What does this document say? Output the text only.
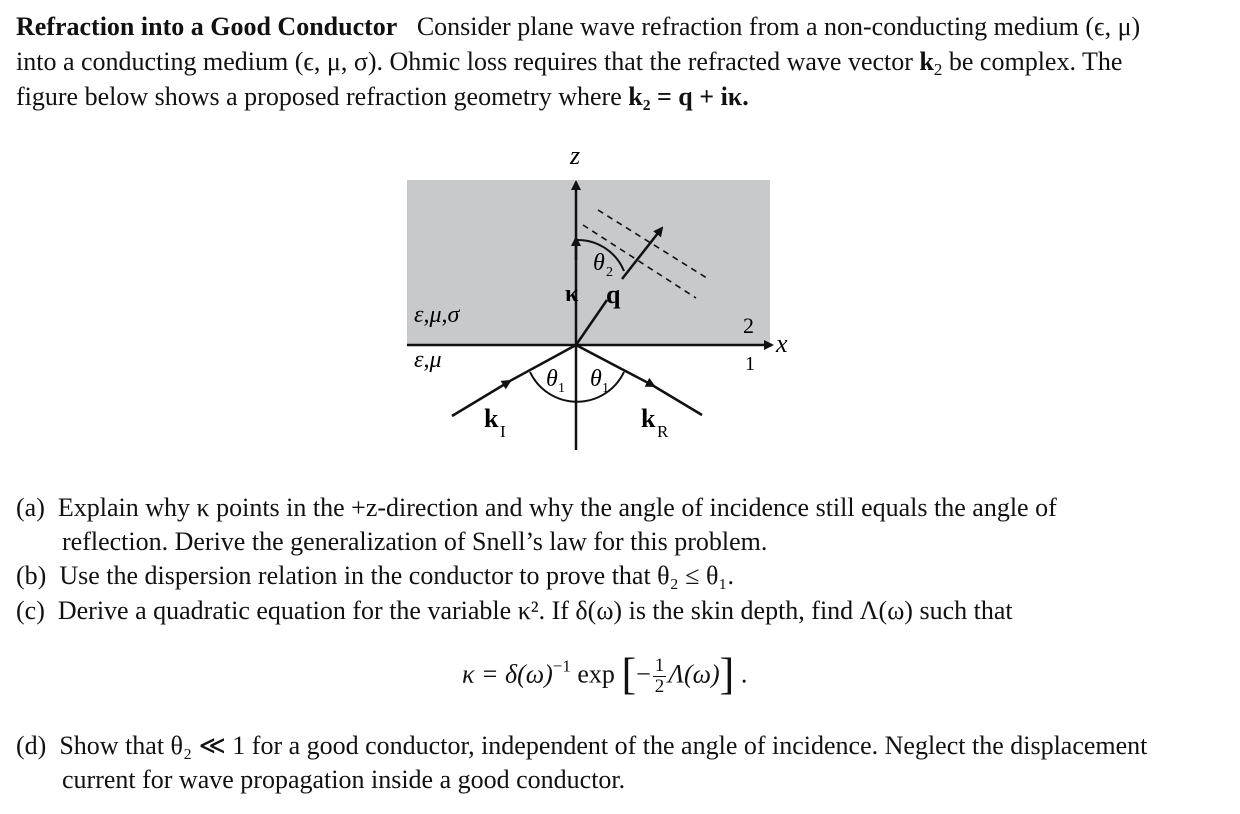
Refraction into a Good Conductor Consider plane wave refraction from a non-conducting medium (ϵ, μ)
into a conducting medium (ϵ, μ, σ). Ohmic loss requires that the refracted wave vector $k_2$ be complex. The
figure below shows a proposed refraction geometry where k₂ = q + iκ.
z
x
ε,μ,σ
ε,μ
2
1
θ 2
κ q
θ 1 θ 1
k I	k R
(a) Explain why κ points in the +z-direction and why the angle of incidence still equals the angle of
reflection. Derive the generalization of Snell’s law for this problem.
(b) Use the dispersion relation in the conductor to prove that θ₂ ≤ θ₁.
(c) Derive a quadratic equation for the variable κ². If δ(ω) is the skin depth, find Λ(ω) such that
$\kappa = \delta(\omega)^{-1}$ exp [− $\frac{1}{2} \Lambda(\omega)$] .
(d) Show that θ₂ ≪ 1 for a good conductor, independent of the angle of incidence. Neglect the displacement
current for wave propagation inside a good conductor.
